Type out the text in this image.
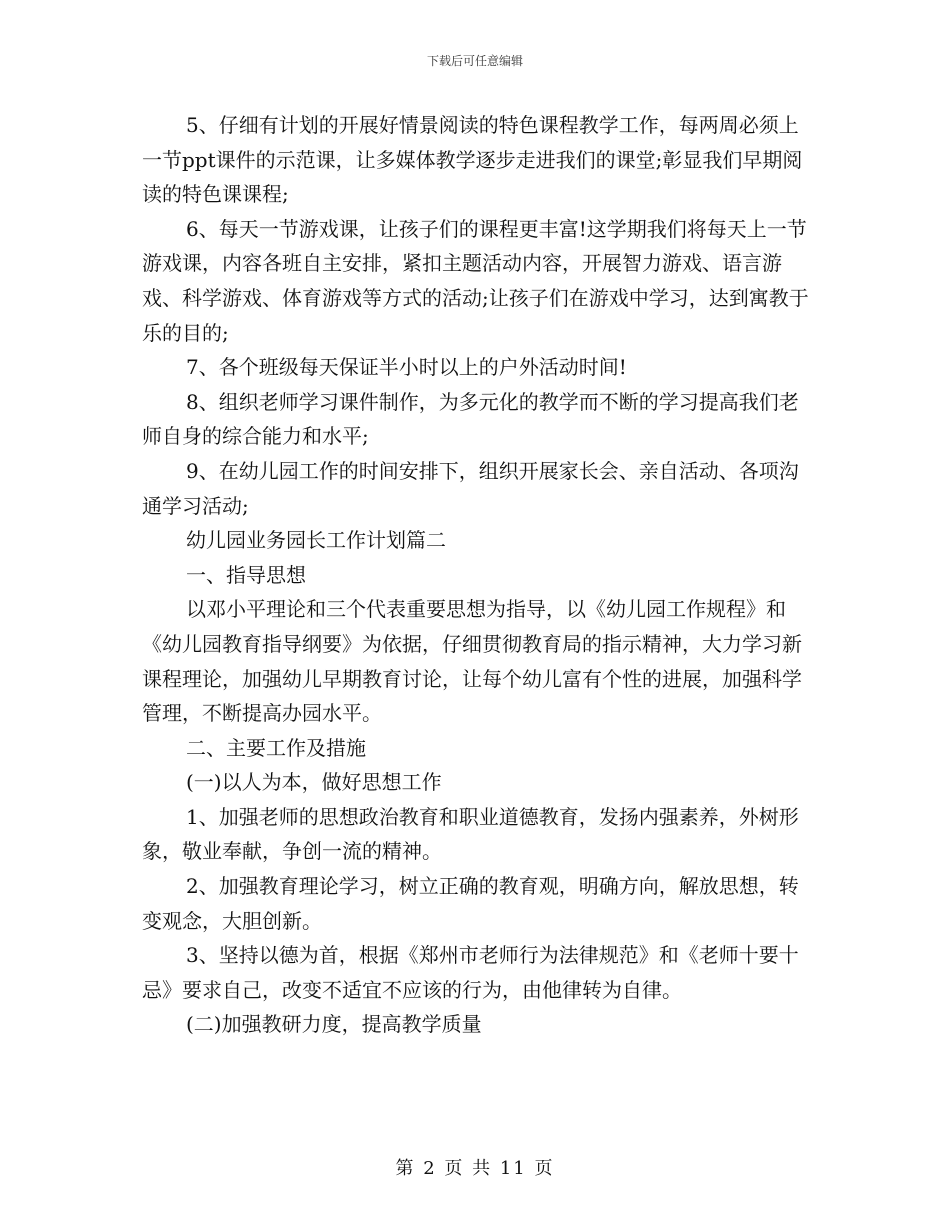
下载后可任意编辑

5、仔细有计划的开展好情景阅读的特色课程教学工作，每两周必须上一节ppt课件的示范课，让多媒体教学逐步走进我们的课堂;彰显我们早期阅读的特色课课程;

6、每天一节游戏课，让孩子们的课程更丰富!这学期我们将每天上一节游戏课，内容各班自主安排，紧扣主题活动内容，开展智力游戏、语言游戏、科学游戏、体育游戏等方式的活动;让孩子们在游戏中学习，达到寓教于乐的目的;

7、各个班级每天保证半小时以上的户外活动时间!

8、组织老师学习课件制作，为多元化的教学而不断的学习提高我们老师自身的综合能力和水平;

9、在幼儿园工作的时间安排下，组织开展家长会、亲自活动、各项沟通学习活动;

幼儿园业务园长工作计划篇二

一、指导思想

以邓小平理论和三个代表重要思想为指导，以《幼儿园工作规程》和《幼儿园教育指导纲要》为依据，仔细贯彻教育局的指示精神，大力学习新课程理论，加强幼儿早期教育讨论，让每个幼儿富有个性的进展，加强科学管理，不断提高办园水平。

二、主要工作及措施

(一)以人为本，做好思想工作

1、加强老师的思想政治教育和职业道德教育，发扬内强素养，外树形象，敬业奉献，争创一流的精神。

2、加强教育理论学习，树立正确的教育观，明确方向，解放思想，转变观念，大胆创新。

3、坚持以德为首，根据《郑州市老师行为法律规范》和《老师十要十忌》要求自己，改变不适宜不应该的行为，由他律转为自律。

(二)加强教研力度，提高教学质量

第 2 页 共 11 页
